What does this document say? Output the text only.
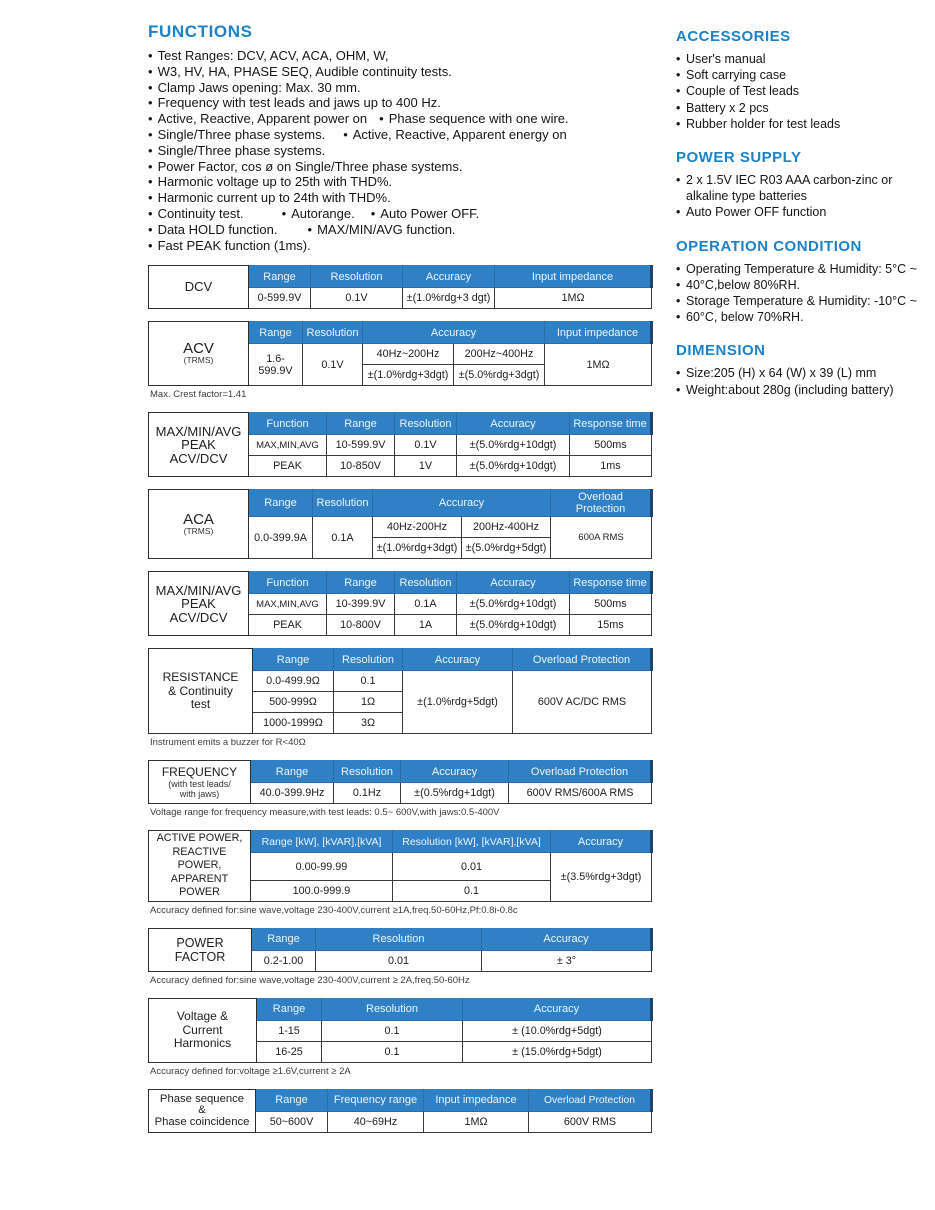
FUNCTIONS
• Test Ranges: DCV, ACV, ACA, OHM, W,
• W3, HV, HA, PHASE SEQ, Audible continuity tests.
• Clamp Jaws opening: Max. 30 mm.
• Frequency with test leads and jaws up to 400 Hz.
• Active, Reactive, Apparent power on • Phase sequence with one wire.
• Single/Three phase systems. • Active, Reactive, Apparent energy on
• Single/Three phase systems.
• Power Factor, cos ø on Single/Three phase systems.
• Harmonic voltage up to 25th with THD%.
• Harmonic current up to 24th with THD%.
• Continuity test.	• Autorange. • Auto Power OFF.
• Data HOLD function. • MAX/MIN/AVG function.
• Fast PEAK function (1ms).
DCV	Range	Resolution	Accuracy	Input impedance
	0-599.9V	0.1V	±(1.0%rdg+3 dgt)	1MΩ
ACV
(TRMS)	Range	Resolution	Accuracy		Input impedance
	1.6-599.9V	0.1V	40Hz~200Hz	200Hz~400Hz	1MΩ
			±(1.0%rdg+3dgt)	±(5.0%rdg+3dgt)	
Max. Crest factor=1.41
MAX/MIN/AVG
PEAK ACV/DCV	Function	Range	Resolution	Accuracy	Response time
	MAX,MIN,AVG	10-599.9V	0.1V	±(5.0%rdg+10dgt)	500ms
	PEAK	10-850V	1V	±(5.0%rdg+10dgt)	1ms
ACA
(TRMS)	Range	Resolution	Accuracy		Overload Protection
	0.0-399.9A	0.1A	40Hz-200Hz	200Hz-400Hz	600A RMS
			±(1.0%rdg+3dgt)	±(5.0%rdg+5dgt)	
MAX/MIN/AVG
PEAK ACV/DCV	Function	Range	Resolution	Accuracy	Response time
	MAX,MIN,AVG	10-399.9V	0.1A	±(5.0%rdg+10dgt)	500ms
	PEAK	10-800V	1A	±(5.0%rdg+10dgt)	15ms
RESISTANCE
& Continuity
test	Range	Resolution	Accuracy	Overload Protection
	0.0-499.9Ω	0.1	±(1.0%rdg+5dgt)	600V AC/DC RMS
	500-999Ω	1Ω		
	1000-1999Ω	3Ω		
Instrument emits a buzzer for R<40Ω
FREQUENCY
(with test leads/
with jaws)	Range	Resolution	Accuracy	Overload Protection
	40.0-399.9Hz	0.1Hz	±(0.5%rdg+1dgt)	600V RMS/600A RMS
Voltage range for frequency measure,with test leads: 0.5~ 600V,with jaws:0.5-400V
ACTIVE POWER,
REACTIVE POWER,
APPARENT POWER	Range [kW], [kVAR],[kVA]	Resolution [kW], [kVAR],[kVA]	Accuracy
	0.00-99.99	0.01	±(3.5%rdg+3dgt)
	100.0-999.9	0.1	
Accuracy defined for:sine wave,voltage 230-400V,current ≥1A,freq.50-60Hz,Pf:0.8i-0.8c
POWER FACTOR	Range	Resolution	Accuracy
	0.2-1.00	0.01	± 3°
Accuracy defined for:sine wave,voltage 230-400V,current ≥ 2A,freq.50-60Hz
Voltage &
Current
Harmonics	Range	Resolution	Accuracy
	1-15	0.1	± (10.0%rdg+5dgt)
	16-25	0.1	± (15.0%rdg+5dgt)
Accuracy defined for:voltage ≥1.6V,current ≥ 2A
Phase sequence
&
Phase coincidence	Range	Frequency range	Input impedance	Overload Protection
	50~600V	40~69Hz	1MΩ	600V RMS
ACCESSORIES
• User's manual
• Soft carrying case
• Couple of Test leads
• Battery x 2 pcs
• Rubber holder for test leads
POWER SUPPLY
• 2 x 1.5V IEC R03 AAA carbon-zinc or alkaline type batteries
• Auto Power OFF function
OPERATION CONDITION
• Operating Temperature & Humidity: 5°C ~
• 40°C,below 80%RH.
• Storage Temperature & Humidity: -10°C ~
• 60°C, below 70%RH.
DIMENSION
• Size:205 (H) x 64 (W) x 39 (L) mm
• Weight:about 280g (including battery)
